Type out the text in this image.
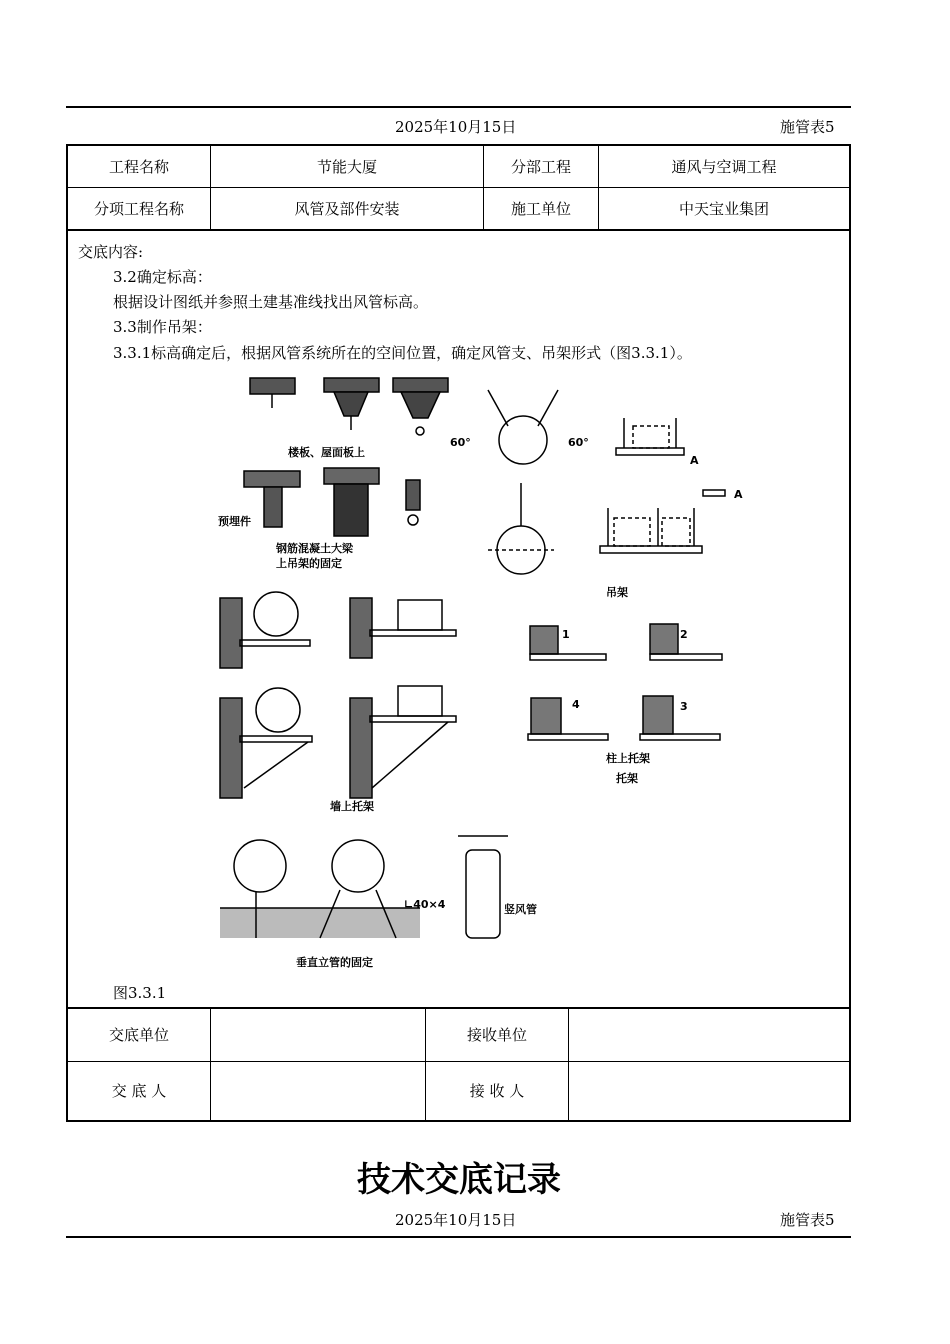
2025年10月15日	施管表5
工程名称	节能大厦	分部工程	通风与空调工程
分项工程名称	风管及部件安装	施工单位	中天宝业集团
交底内容:
3.2确定标高：
根据设计图纸并参照土建基准线找出风管标高。
3.3制作吊架：
3.3.1标高确定后，根据风管系统所在的空间位置，确定风管支、吊架形式（图3.3.1）。
楼板、屋面板上
预埋件
钢筋混凝土大梁
上吊架的固定
60°	60°
A
A
吊架
墙上托架
1	2
4	3
柱上托架
托架
∟40×4	竖风管
垂直立管的固定
图3.3.1
交底单位		接收单位	
交 底 人		接 收 人	
技术交底记录
2025年10月15日	施管表5
